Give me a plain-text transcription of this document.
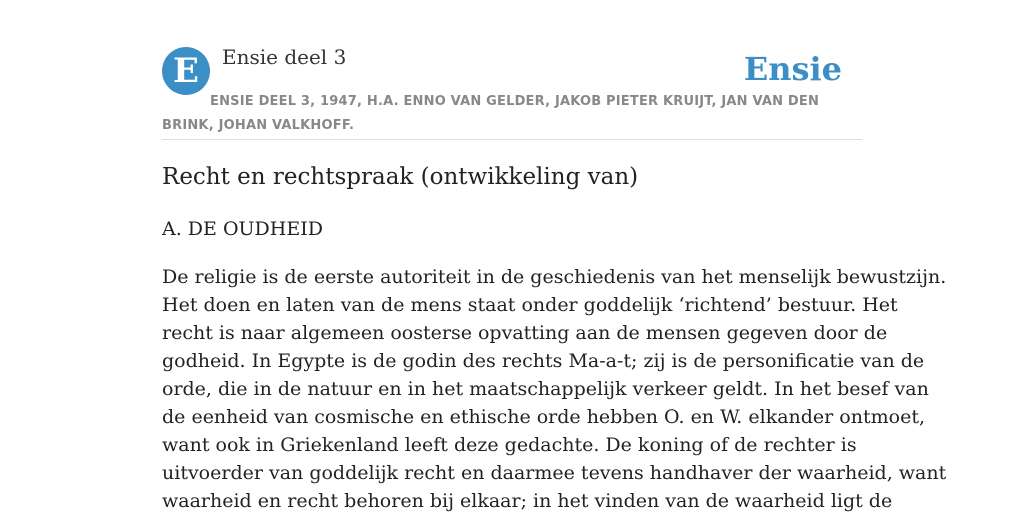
E	Ensie deel 3	Ensie
ENSIE DEEL 3, 1947, H.A. ENNO VAN GELDER, JAKOB PIETER KRUIJT, JAN VAN DEN BRINK, JOHAN VALKHOFF.
Recht en rechtspraak (ontwikkeling van)
A. DE OUDHEID
De religie is de eerste autoriteit in de geschiedenis van het menselijk bewustzijn.
Het doen en laten van de mens staat onder goddelijk ‘richtend’ bestuur. Het
recht is naar algemeen oosterse opvatting aan de mensen gegeven door de
godheid. In Egypte is de godin des rechts Ma-a-t; zij is de personificatie van de
orde, die in de natuur en in het maatschappelijk verkeer geldt. In het besef van
de eenheid van cosmische en ethische orde hebben O. en W. elkander ontmoet,
want ook in Griekenland leeft deze gedachte. De koning of de rechter is
uitvoerder van goddelijk recht en daarmee tevens handhaver der waarheid, want
waarheid en recht behoren bij elkaar; in het vinden van de waarheid ligt de
